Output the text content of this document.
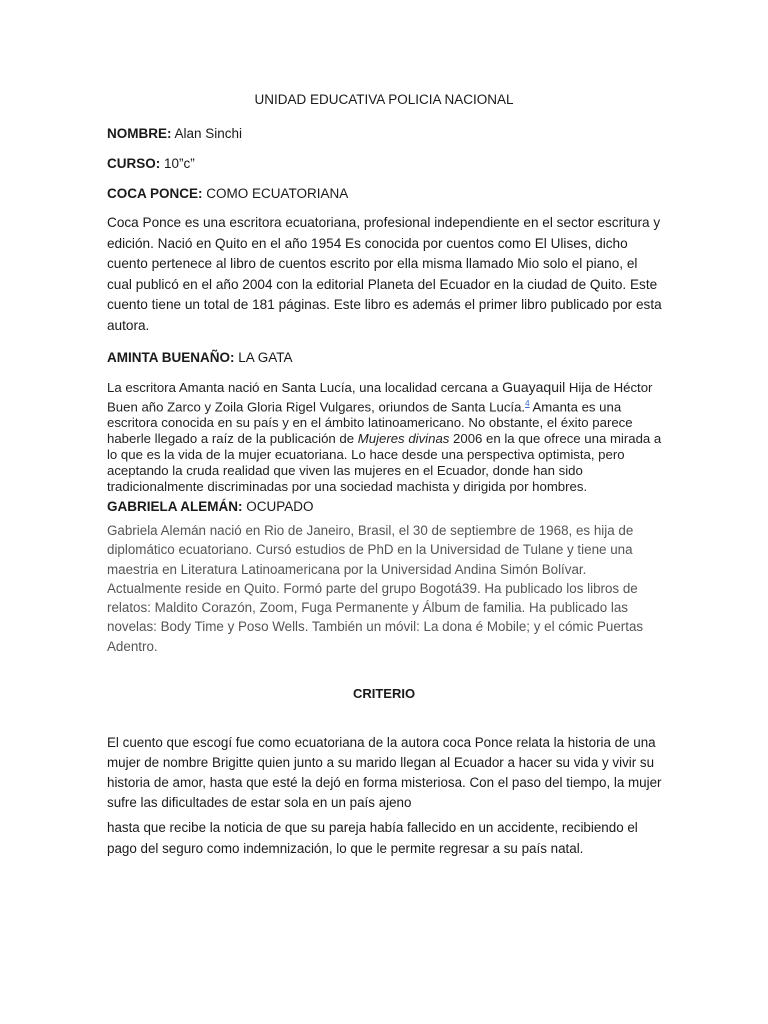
UNIDAD EDUCATIVA POLICIA NACIONAL

NOMBRE: Alan Sinchi

CURSO: 10”c”

COCA PONCE: COMO ECUATORIANA

Coca Ponce es una escritora ecuatoriana, profesional independiente en el sector escritura y edición. Nació en Quito en el año 1954 Es conocida por cuentos como El Ulises, dicho cuento pertenece al libro de cuentos escrito por ella misma llamado Mio solo el piano, el cual publicó en el año 2004 con la editorial Planeta del Ecuador en la ciudad de Quito. Este cuento tiene un total de 181 páginas. Este libro es además el primer libro publicado por esta autora.

AMINTA BUENAÑO: LA GATA

La escritora Amanta nació en Santa Lucía, una localidad cercana a Guayaquil Hija de Héctor Buen año Zarco y Zoila Gloria Rigel Vulgares, oriundos de Santa Lucía.$^4$ Amanta es una escritora conocida en su país y en el ámbito latinoamericano. No obstante, el éxito parece haberle llegado a raíz de la publicación de Mujeres divinas 2006 en la que ofrece una mirada a lo que es la vida de la mujer ecuatoriana. Lo hace desde una perspectiva optimista, pero aceptando la cruda realidad que viven las mujeres en el Ecuador, donde han sido tradicionalmente discriminadas por una sociedad machista y dirigida por hombres.

GABRIELA ALEMÁN: OCUPADO

Gabriela Alemán nació en Rio de Janeiro, Brasil, el 30 de septiembre de 1968, es hija de diplomático ecuatoriano. Cursó estudios de PhD en la Universidad de Tulane y tiene una maestria en Literatura Latinoamericana por la Universidad Andina Simón Bolívar. Actualmente reside en Quito. Formó parte del grupo Bogotá39. Ha publicado los libros de relatos: Maldito Corazón, Zoom, Fuga Permanente y Álbum de familia. Ha publicado las novelas: Body Time y Poso Wells. También un móvil: La dona é Mobile; y el cómic Puertas Adentro.

CRITERIO

El cuento que escogí fue como ecuatoriana de la autora coca Ponce relata la historia de una mujer de nombre Brigitte quien junto a su marido llegan al Ecuador a hacer su vida y vivir su historia de amor, hasta que esté la dejó en forma misteriosa. Con el paso del tiempo, la mujer sufre las dificultades de estar sola en un país ajeno

hasta que recibe la noticia de que su pareja había fallecido en un accidente, recibiendo el pago del seguro como indemnización, lo que le permite regresar a su país natal.
